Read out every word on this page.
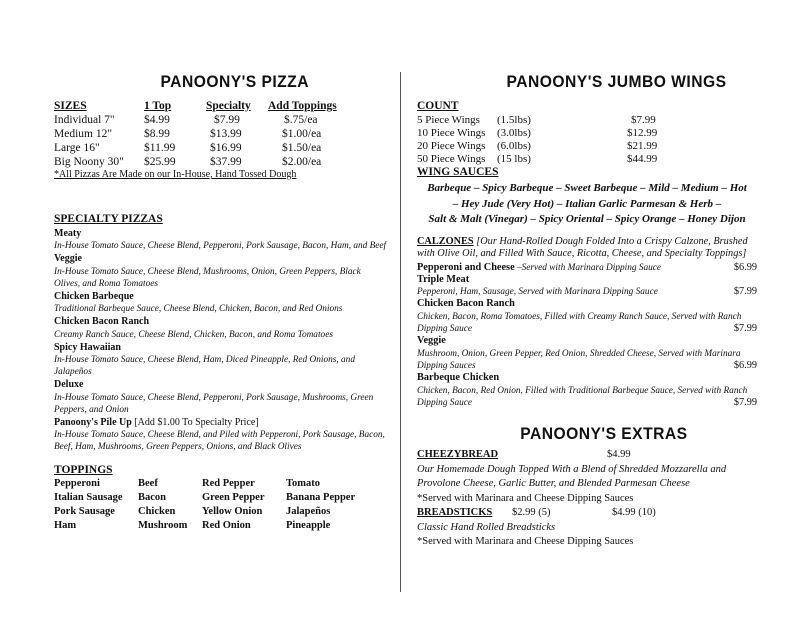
PANOONY'S PIZZA
SIZES	1 Top	Specialty	Add Toppings
Individual 7"	$4.99	$7.99	$.75/ea
Medium 12"	$8.99	$13.99	$1.00/ea
Large 16"	$11.99	$16.99	$1.50/ea
Big Noony 30"	$25.99	$37.99	$2.00/ea
*All Pizzas Are Made on our In-House, Hand Tossed Dough
SPECIALTY PIZZAS
Meaty
In-House Tomato Sauce, Cheese Blend, Pepperoni, Pork Sausage, Bacon, Ham, and Beef
Veggie
In-House Tomato Sauce, Cheese Blend, Mushrooms, Onion, Green Peppers, Black
Olives, and Roma Tomatoes
Chicken Barbeque
Traditional Barbeque Sauce, Cheese Blend, Chicken, Bacon, and Red Onions
Chicken Bacon Ranch
Creamy Ranch Sauce, Cheese Blend, Chicken, Bacon, and Roma Tomatoes
Spicy Hawaiian
In-House Tomato Sauce, Cheese Blend, Ham, Diced Pineapple, Red Onions, and
Jalapeños
Deluxe
In-House Tomato Sauce, Cheese Blend, Pepperoni, Pork Sausage, Mushrooms, Green
Peppers, and Onion
Panoony's Pile Up [Add $1.00 To Specialty Price]
In-House Tomato Sauce, Cheese Blend, and Piled with Pepperoni, Pork Sausage, Bacon,
Beef, Ham, Mushrooms, Green Peppers, Onions, and Black Olives
TOPPINGS
Pepperoni	Beef	Red Pepper	Tomato
Italian Sausage	Bacon	Green Pepper	Banana Pepper
Pork Sausage	Chicken	Yellow Onion	Jalapeños
Ham	Mushroom	Red Onion	Pineapple
PANOONY'S JUMBO WINGS
COUNT
5 Piece Wings	(1.5lbs)	$7.99
10 Piece Wings	(3.0lbs)	$12.99
20 Piece Wings	(6.0lbs)	$21.99
50 Piece Wings	(15 lbs)	$44.99
WING SAUCES
Barbeque – Spicy Barbeque – Sweet Barbeque – Mild – Medium – Hot
– Hey Jude (Very Hot) – Italian Garlic Parmesan & Herb –
Salt & Malt (Vinegar) – Spicy Oriental – Spicy Orange – Honey Dijon
CALZONES [Our Hand-Rolled Dough Folded Into a Crispy Calzone, Brushed
with Olive Oil, and Filled With Sauce, Ricotta, Cheese, and Specialty Toppings]
Pepperoni and Cheese –Served with Marinara Dipping Sauce	$6.99
Triple Meat
Pepperoni, Ham, Sausage, Served with Marinara Dipping Sauce	$7.99
Chicken Bacon Ranch
Chicken, Bacon, Roma Tomatoes, Filled with Creamy Ranch Sauce, Served with Ranch
Dipping Sauce	$7.99
Veggie
Mushroom, Onion, Green Pepper, Red Onion, Shredded Cheese, Served with Marinara
Dipping Sauces	$6.99
Barbeque Chicken
Chicken, Bacon, Red Onion, Filled with Traditional Barbeque Sauce, Served with Ranch
Dipping Sauce	$7.99
PANOONY'S EXTRAS
CHEEZYBREAD	$4.99
Our Homemade Dough Topped With a Blend of Shredded Mozzarella and
Provolone Cheese, Garlic Butter, and Blended Parmesan Cheese
*Served with Marinara and Cheese Dipping Sauces
BREADSTICKS $2.99 (5)	$4.99 (10)
Classic Hand Rolled Breadsticks
*Served with Marinara and Cheese Dipping Sauces
